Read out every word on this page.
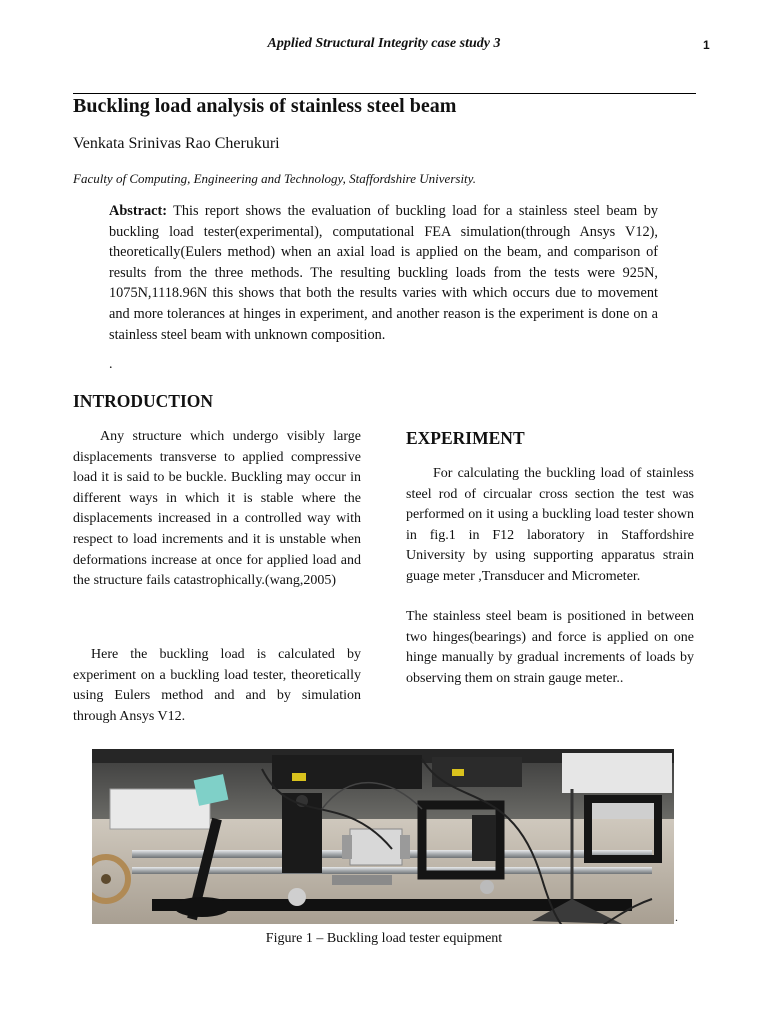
Applied Structural Integrity case study 3	1
Buckling load analysis of stainless steel beam
Venkata Srinivas Rao Cherukuri
Faculty of Computing, Engineering and Technology, Staffordshire University.

Abstract: This report shows the evaluation of buckling load for a stainless steel beam by buckling load tester(experimental), computational FEA simulation(through Ansys V12), theoretically(Eulers method) when an axial load is applied on the beam, and comparison of results from the three methods. The resulting buckling loads from the tests were 925N, 1075N,1118.96N this shows that both the results varies with which occurs due to movement and more tolerances at hinges in experiment, and another reason is the experiment is done on a stainless steel beam with unknown composition.

.
INTRODUCTION

Any structure which undergo visibly large displacements transverse to applied compressive load it is said to be buckle. Buckling may occur in different ways in which it is stable where the displacements increased in a controlled way with respect to load increments and it is unstable when deformations increase at once for applied load and the structure fails catastrophically.(wang,2005)

Here the buckling load is calculated by experiment on a buckling load tester, theoretically using Eulers method and and by simulation through Ansys V12.

EXPERIMENT

For calculating the buckling load of stainless steel rod of circualar cross section the test was performed on it using a buckling load tester shown in fig.1 in F12 laboratory in Staffordshire University by using supporting apparatus strain guage meter ,Transducer and Micrometer.

The stainless steel beam is positioned in between two hinges(bearings) and force is applied on one hinge manually by gradual increments of loads by observing them on strain gauge meter..

.
Figure 1 – Buckling load tester equipment
